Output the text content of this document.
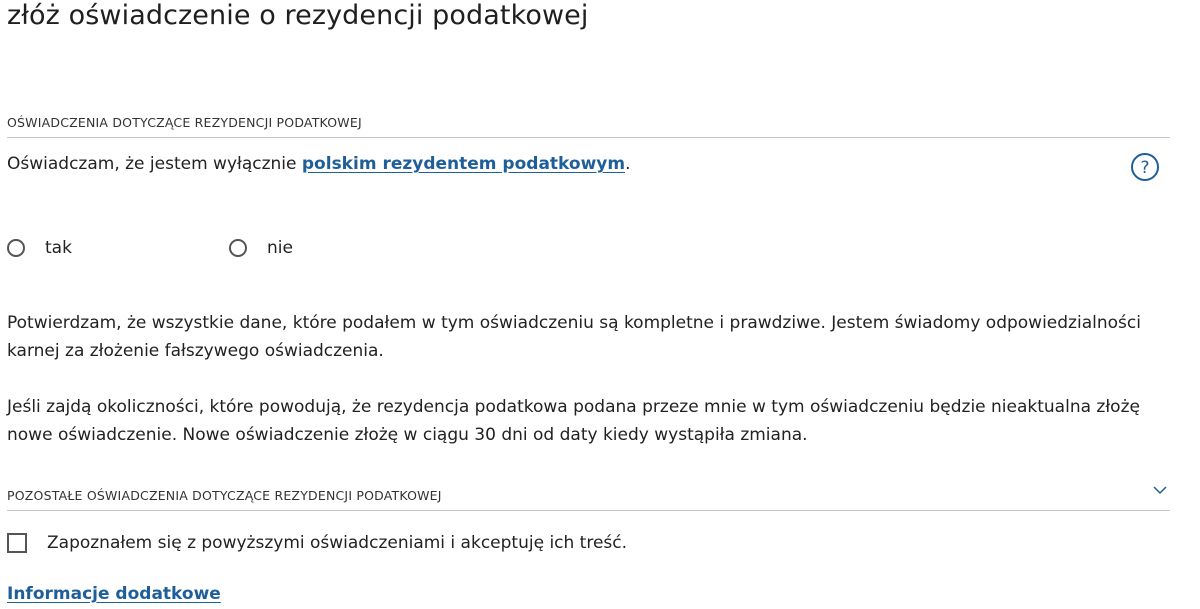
złóż oświadczenie o rezydencji podatkowej
OŚWIADCZENIA DOTYCZĄCE REZYDENCJI PODATKOWEJ
Oświadczam, że jestem wyłącznie polskim rezydentem podatkowym.	?
tak	nie
Potwierdzam, że wszystkie dane, które podałem w tym oświadczeniu są kompletne i prawdziwe. Jestem świadomy odpowiedzialności karnej za złożenie fałszywego oświadczenia.
Jeśli zajdą okoliczności, które powodują, że rezydencja podatkowa podana przeze mnie w tym oświadczeniu będzie nieaktualna złożę nowe oświadczenie. Nowe oświadczenie złożę w ciągu 30 dni od daty kiedy wystąpiła zmiana.
POZOSTAŁE OŚWIADCZENIA DOTYCZĄCE REZYDENCJI PODATKOWEJ
Zapoznałem się z powyższymi oświadczeniami i akceptuję ich treść.
Informacje dodatkowe
